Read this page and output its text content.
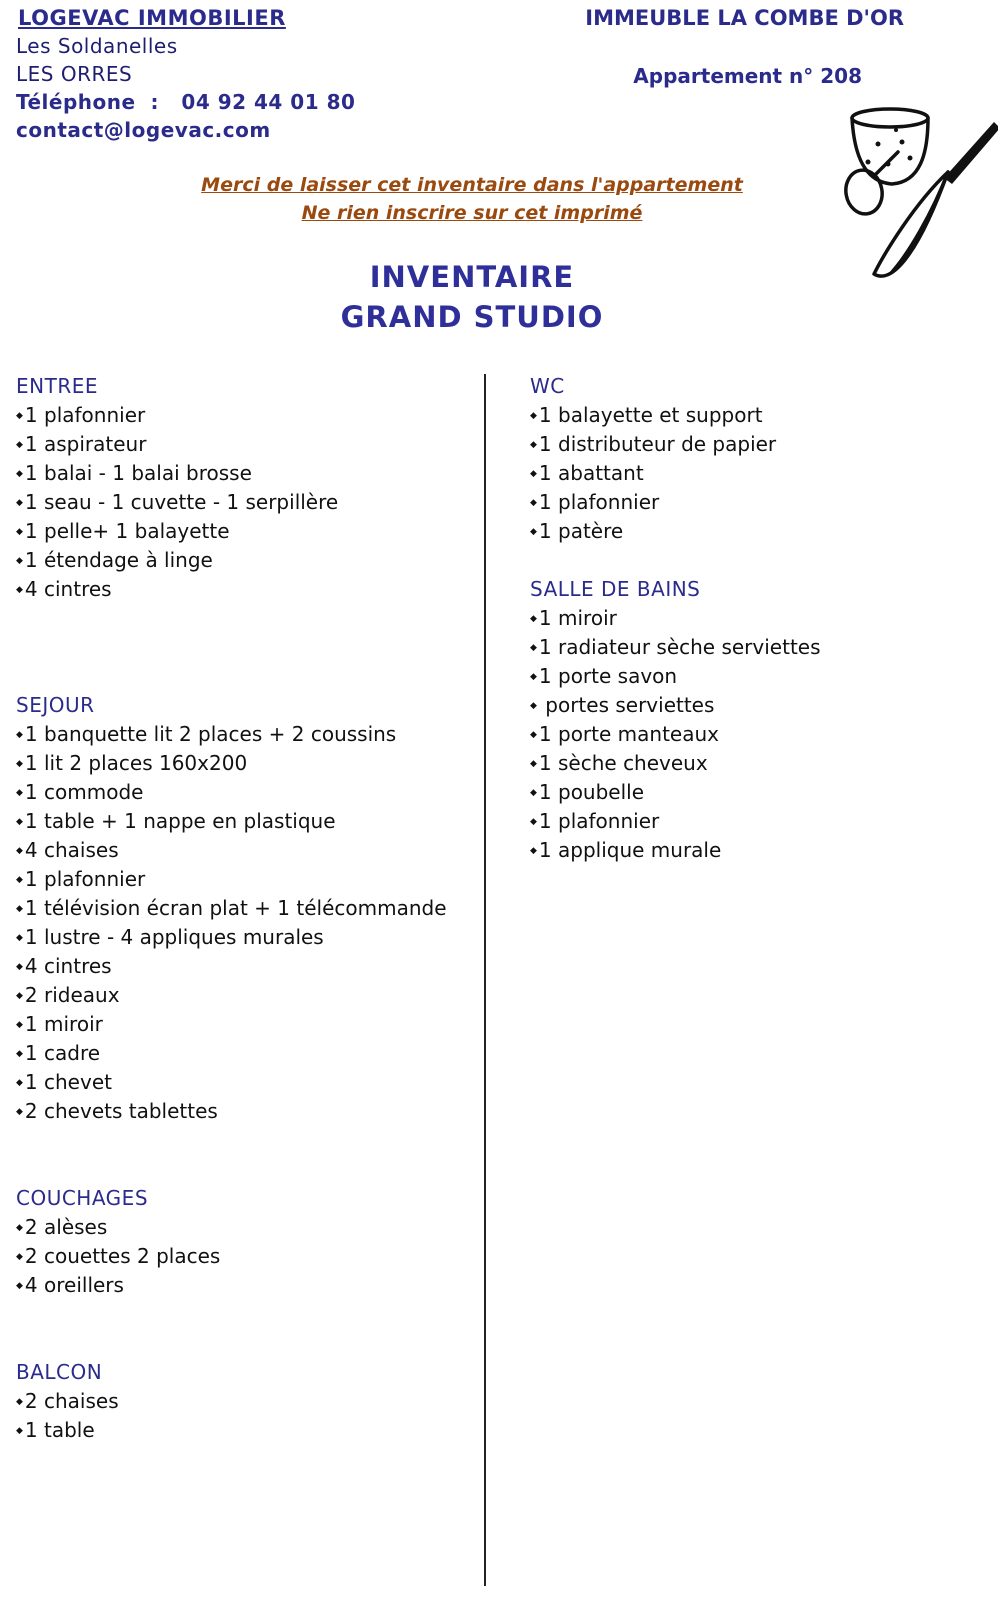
LOGEVAC IMMOBILIER
Les Soldanelles
LES ORRES
Téléphone : 04 92 44 01 80
contact@logevac.com
IMMEUBLE LA COMBE D'OR
Appartement n° 208
Merci de laisser cet inventaire dans l'appartement
Ne rien inscrire sur cet imprimé
INVENTAIRE
GRAND STUDIO
ENTREE
◆ 1 plafonnier
◆ 1 aspirateur
◆ 1 balai - 1 balai brosse
◆ 1 seau - 1 cuvette - 1 serpillère
◆ 1 pelle+ 1 balayette
◆ 1 étendage à linge
◆ 4 cintres
SEJOUR
◆ 1 banquette lit 2 places + 2 coussins
◆ 1 lit 2 places 160x200
◆ 1 commode
◆ 1 table + 1 nappe en plastique
◆ 4 chaises
◆ 1 plafonnier
◆ 1 télévision écran plat + 1 télécommande
◆ 1 lustre - 4 appliques murales
◆ 4 cintres
◆ 2 rideaux
◆ 1 miroir
◆ 1 cadre
◆ 1 chevet
◆ 2 chevets tablettes
COUCHAGES
◆ 2 alèses
◆ 2 couettes 2 places
◆ 4 oreillers
BALCON
◆ 2 chaises
◆ 1 table
WC
◆ 1 balayette et support
◆ 1 distributeur de papier
◆ 1 abattant
◆ 1 plafonnier
◆ 1 patère
SALLE DE BAINS
◆ 1 miroir
◆ 1 radiateur sèche serviettes
◆ 1 porte savon
◆ portes serviettes
◆ 1 porte manteaux
◆ 1 sèche cheveux
◆ 1 poubelle
◆ 1 plafonnier
◆ 1 applique murale
